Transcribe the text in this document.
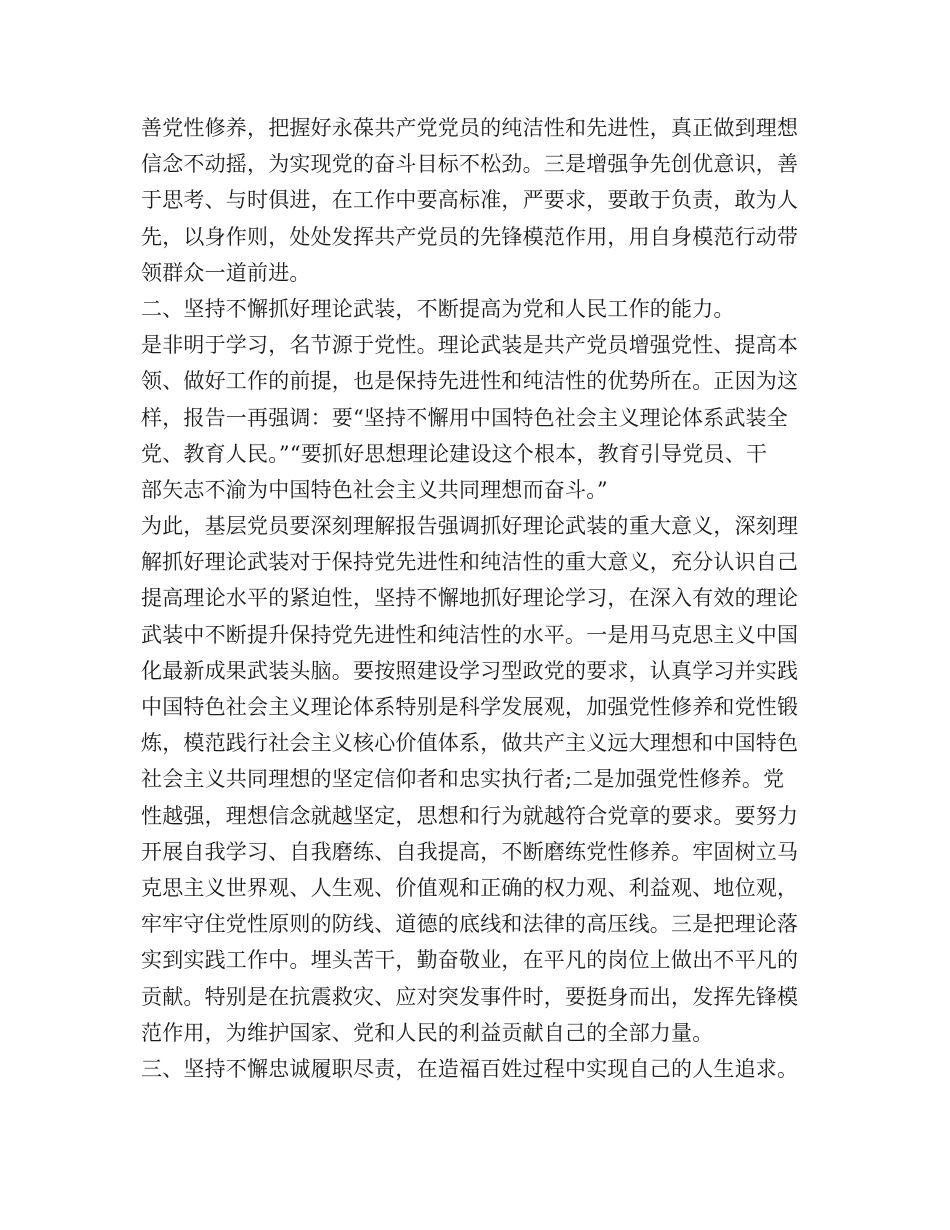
善党性修养，把握好永葆共产党党员的纯洁性和先进性，真正做到理想
信念不动摇，为实现党的奋斗目标不松劲。三是增强争先创优意识，善
于思考、与时俱进，在工作中要高标准，严要求，要敢于负责，敢为人
先，以身作则，处处发挥共产党员的先锋模范作用，用自身模范行动带
领群众一道前进。
二、坚持不懈抓好理论武装，不断提高为党和人民工作的能力。
是非明于学习，名节源于党性。理论武装是共产党员增强党性、提高本
领、做好工作的前提，也是保持先进性和纯洁性的优势所在。正因为这
样，报告一再强调：要“坚持不懈用中国特色社会主义理论体系武装全
党、教育人民。”“要抓好思想理论建设这个根本，教育引导党员、干
部矢志不渝为中国特色社会主义共同理想而奋斗。”
为此，基层党员要深刻理解报告强调抓好理论武装的重大意义，深刻理
解抓好理论武装对于保持党先进性和纯洁性的重大意义，充分认识自己
提高理论水平的紧迫性，坚持不懈地抓好理论学习，在深入有效的理论
武装中不断提升保持党先进性和纯洁性的水平。一是用马克思主义中国
化最新成果武装头脑。要按照建设学习型政党的要求，认真学习并实践
中国特色社会主义理论体系特别是科学发展观，加强党性修养和党性锻
炼，模范践行社会主义核心价值体系，做共产主义远大理想和中国特色
社会主义共同理想的坚定信仰者和忠实执行者;二是加强党性修养。党
性越强，理想信念就越坚定，思想和行为就越符合党章的要求。要努力
开展自我学习、自我磨练、自我提高，不断磨练党性修养。牢固树立马
克思主义世界观、人生观、价值观和正确的权力观、利益观、地位观，
牢牢守住党性原则的防线、道德的底线和法律的高压线。三是把理论落
实到实践工作中。埋头苦干，勤奋敬业，在平凡的岗位上做出不平凡的
贡献。特别是在抗震救灾、应对突发事件时，要挺身而出，发挥先锋模
范作用，为维护国家、党和人民的利益贡献自己的全部力量。
三、坚持不懈忠诚履职尽责，在造福百姓过程中实现自己的人生追求。
